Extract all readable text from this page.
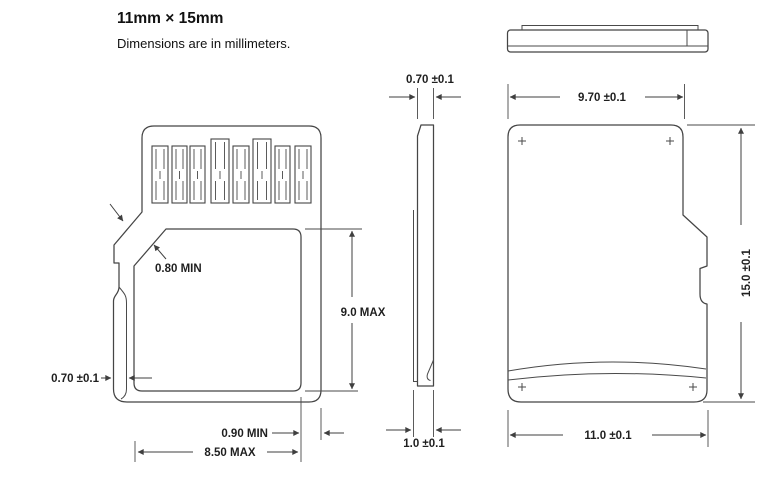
11mm × 15mm
Dimensions are in millimeters.
0.80 MIN
0.70 ±0.1
9.0 MAX
0.90 MIN
8.50 MAX
0.70 ±0.1
1.0 ±0.1
9.70 ±0.1
11.0 ±0.1
15.0 ±0.1
